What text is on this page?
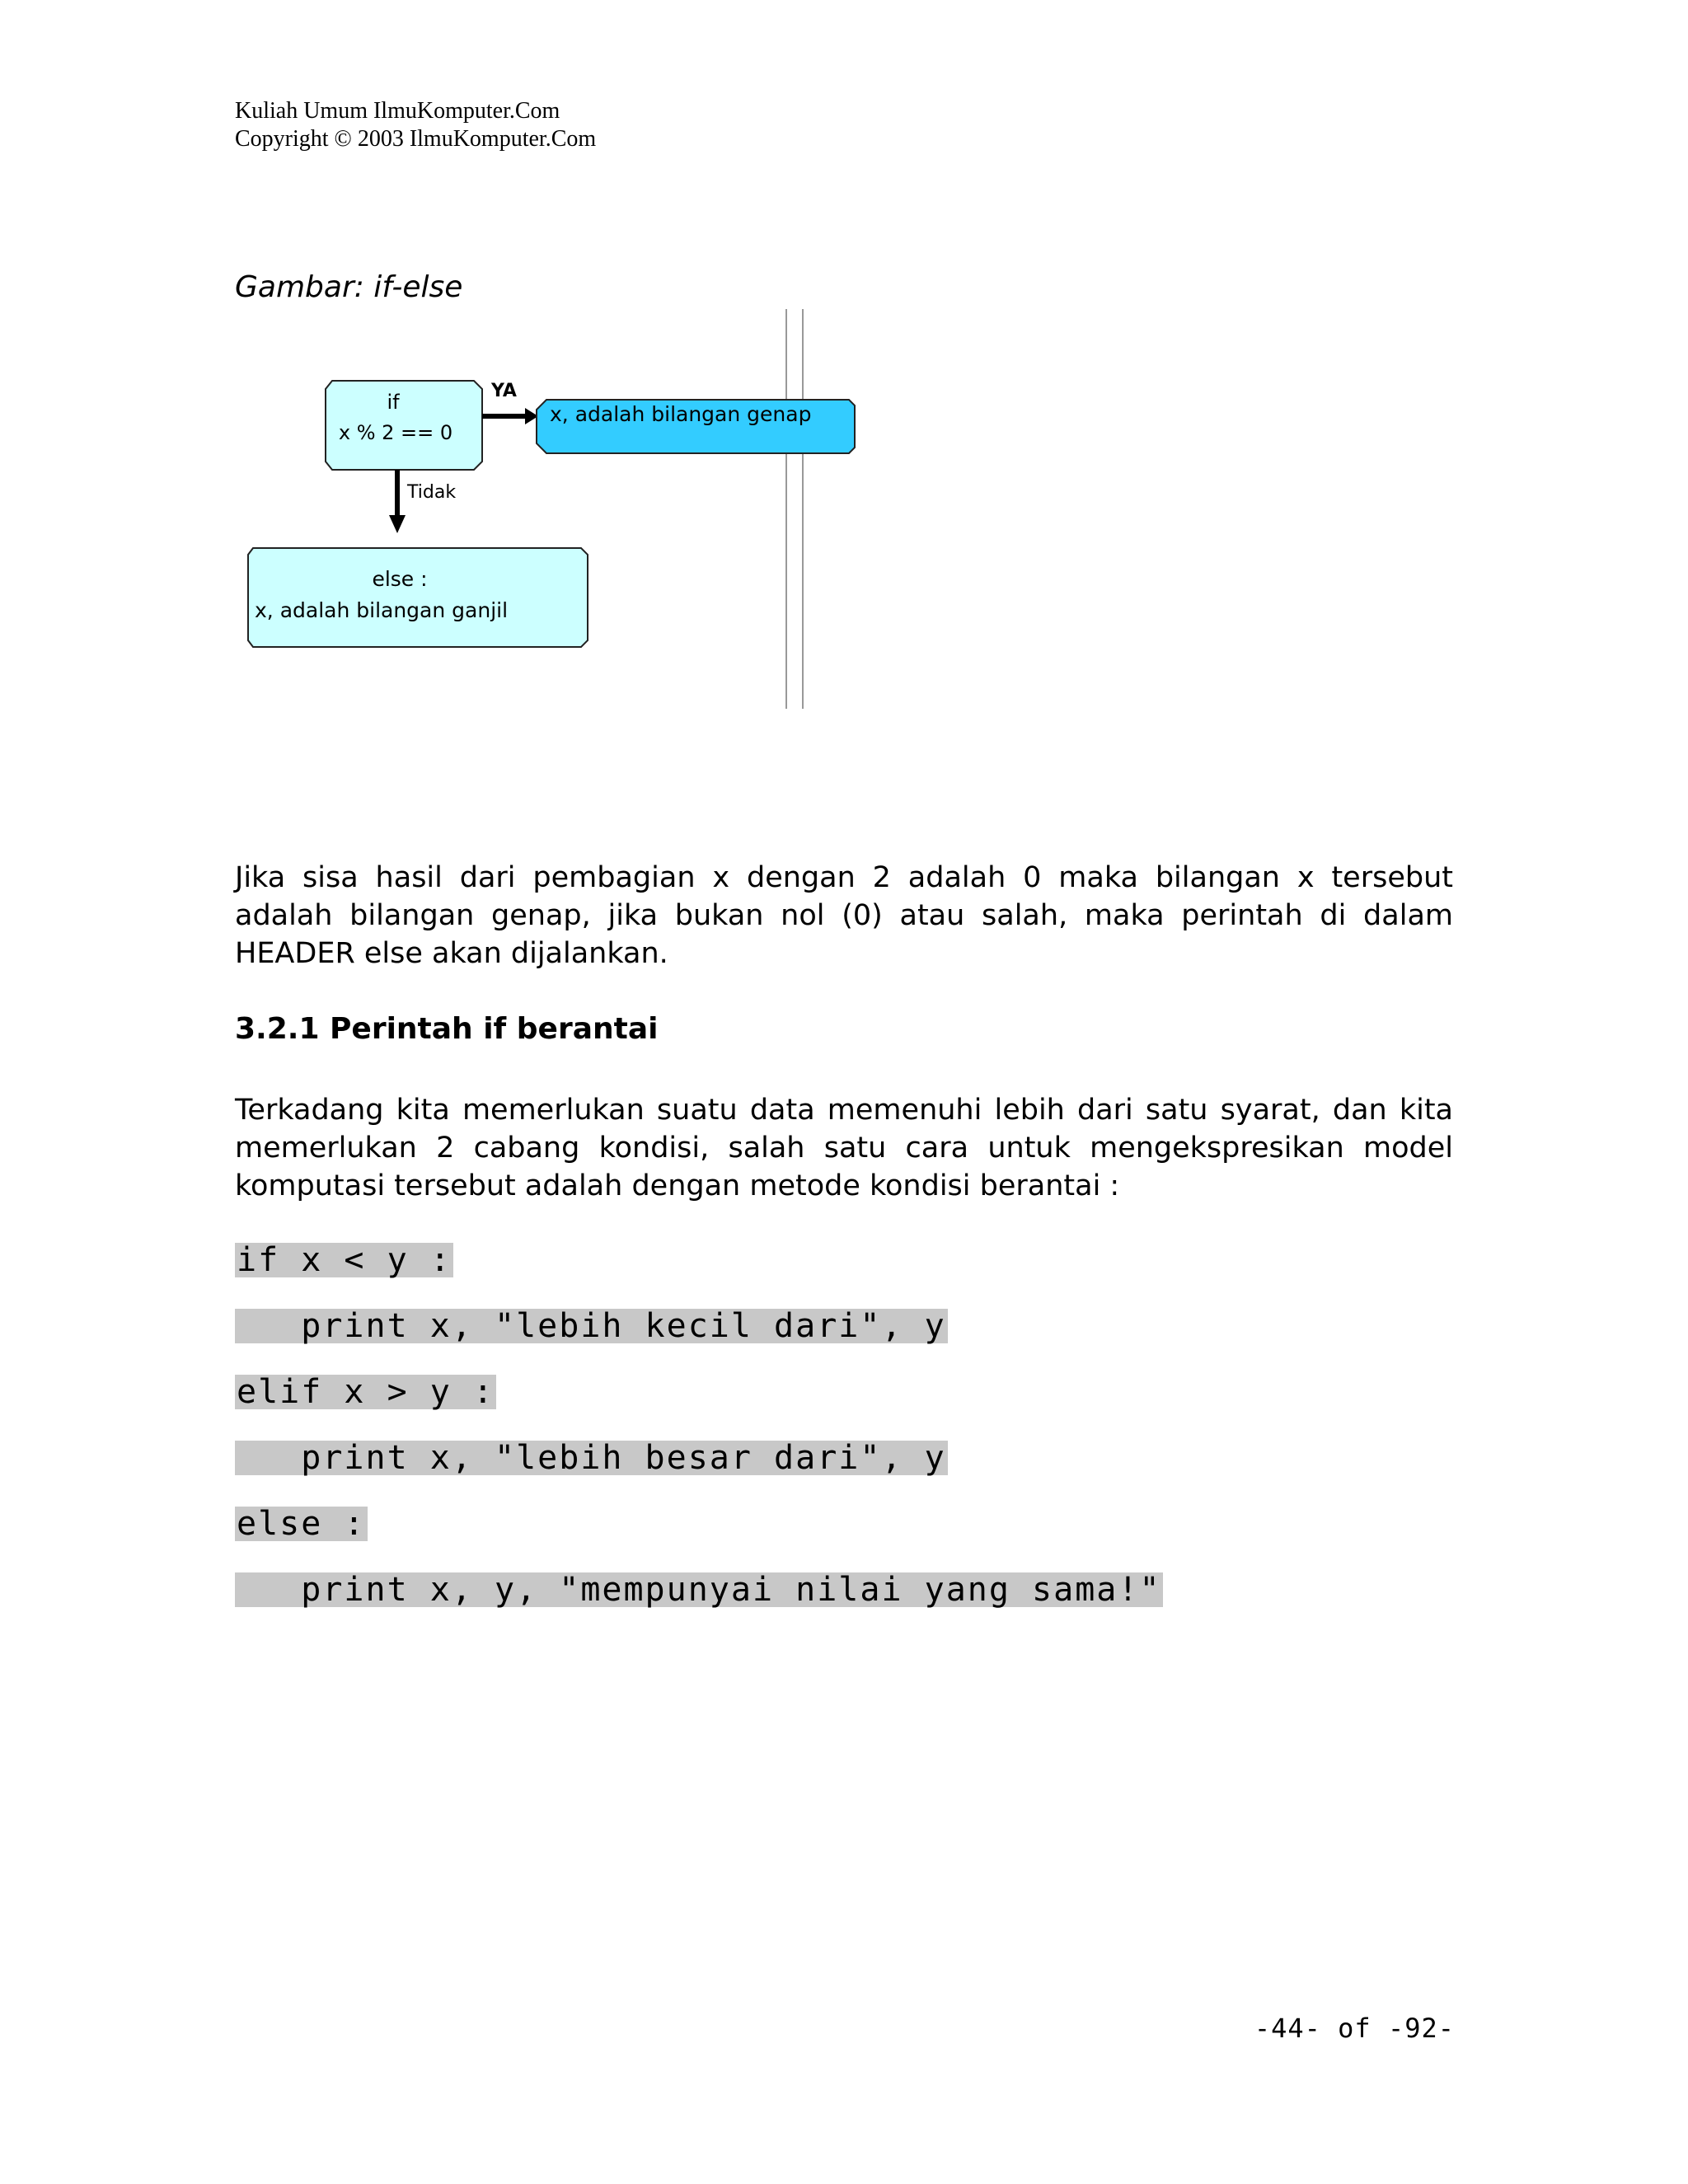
Kuliah Umum IlmuKomputer.Com
Copyright © 2003 IlmuKomputer.Com
Gambar: if-else
if
x % 2 == 0
YA
x, adalah bilangan genap
Tidak
else :
x, adalah bilangan ganjil
Jika sisa hasil dari pembagian x dengan 2 adalah 0 maka bilangan x tersebut adalah bilangan genap, jika bukan nol (0) atau salah, maka perintah di dalam HEADER else akan dijalankan.
3.2.1 Perintah if berantai
Terkadang kita memerlukan suatu data memenuhi lebih dari satu syarat, dan kita memerlukan 2 cabang kondisi, salah satu cara untuk mengekspresikan model komputasi tersebut adalah dengan metode kondisi berantai :
if x < y :
print x, "lebih kecil dari", y
elif x > y :
print x, "lebih besar dari", y
else :
print x, y, "mempunyai nilai yang sama!"
-44- of -92-
